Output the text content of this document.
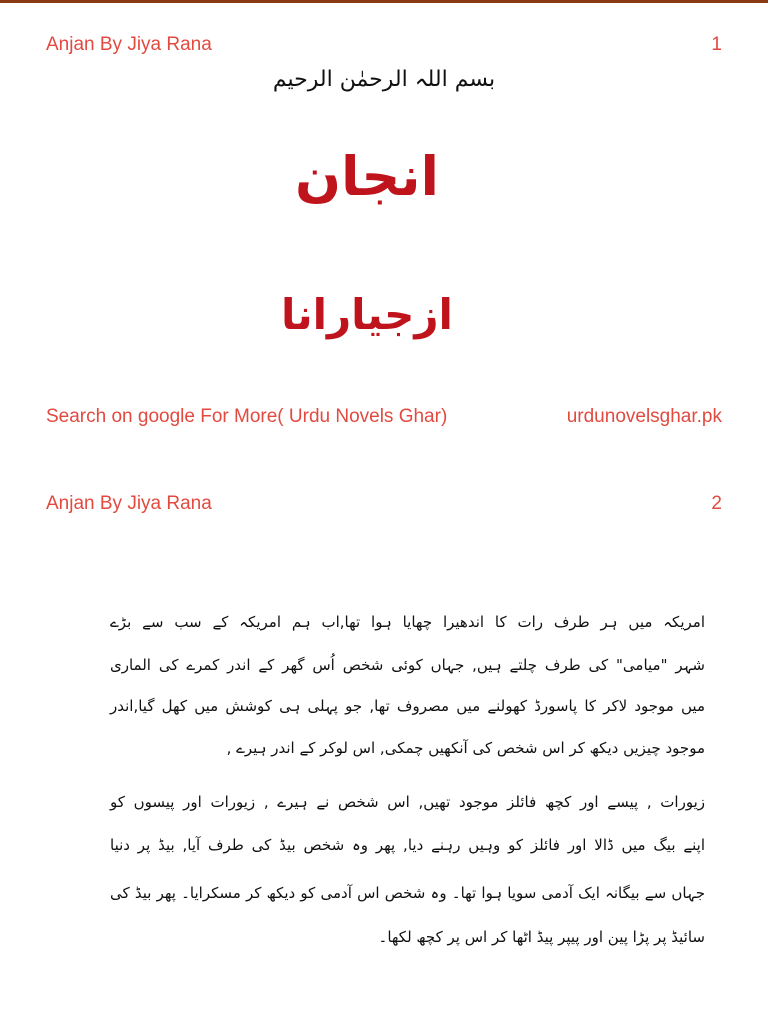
Anjan By Jiya Rana	1
بسم اللہ الرحمٰن الرحیم
انجان
ازجیارانا
Search on google For More( Urdu Novels Ghar)	urdunovelsghar.pk
Anjan By Jiya Rana	2
امریکہ میں ہر طرف رات کا اندھیرا چھایا ہوا تھا,اب ہم امریکہ کے سب سے بڑے
شہر "میامی" کی طرف چلتے ہیں, جہاں کوئی شخص اُس گھر کے اندر کمرے کی الماری
میں موجود لاکر کا پاسورڈ کھولنے میں مصروف تھا, جو پہلی ہی کوشش میں کھل گیا,اندر
موجود چیزیں دیکھ کر اس شخص کی آنکھیں چمکی, اس لوکر کے اندر ہیرے ,
زیورات , پیسے اور کچھ فائلز موجود تھیں, اس شخص نے ہیرے , زیورات اور پیسوں کو
اپنے بیگ میں ڈالا اور فائلز کو وہیں رہنے دیا, پھر وہ شخص بیڈ کی طرف آیا, بیڈ پر دنیا
جہاں سے بیگانہ ایک آدمی سویا ہوا تھا۔ وہ شخص اس آدمی کو دیکھ کر مسکرایا۔ پھر بیڈ کی
سائیڈ پر پڑا پین اور پیپر پیڈ اٹھا کر اس پر کچھ لکھا۔
